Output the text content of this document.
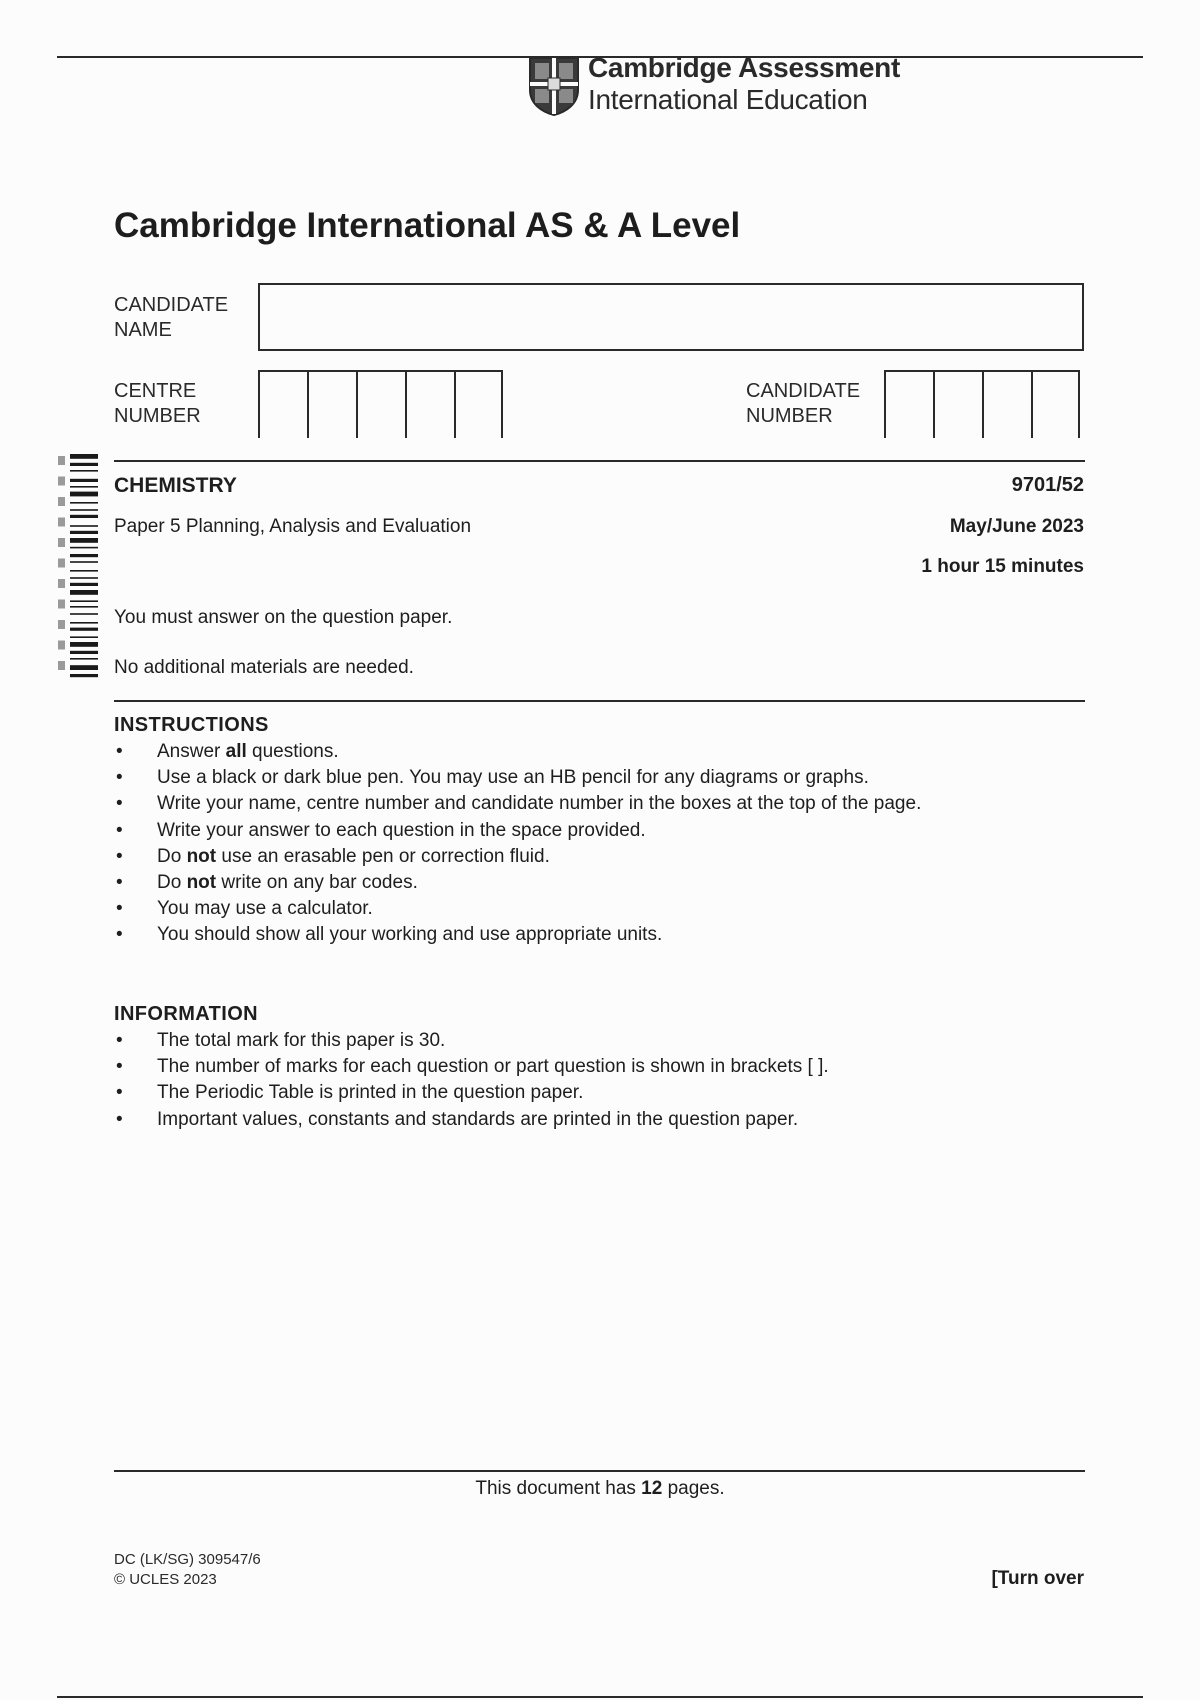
Cambridge Assessment
International Education
Cambridge International AS & A Level
CANDIDATE
NAME
CENTRE
NUMBER
CANDIDATE
NUMBER
CHEMISTRY	9701/52
Paper 5 Planning, Analysis and Evaluation	May/June 2023
1 hour 15 minutes
You must answer on the question paper.
No additional materials are needed.
INSTRUCTIONS
• Answer all questions.
• Use a black or dark blue pen. You may use an HB pencil for any diagrams or graphs.
• Write your name, centre number and candidate number in the boxes at the top of the page.
• Write your answer to each question in the space provided.
• Do not use an erasable pen or correction fluid.
• Do not write on any bar codes.
• You may use a calculator.
• You should show all your working and use appropriate units.
INFORMATION
• The total mark for this paper is 30.
• The number of marks for each question or part question is shown in brackets [ ].
• The Periodic Table is printed in the question paper.
• Important values, constants and standards are printed in the question paper.
This document has 12 pages.
DC (LK/SG) 309547/6
© UCLES 2023	[Turn over
